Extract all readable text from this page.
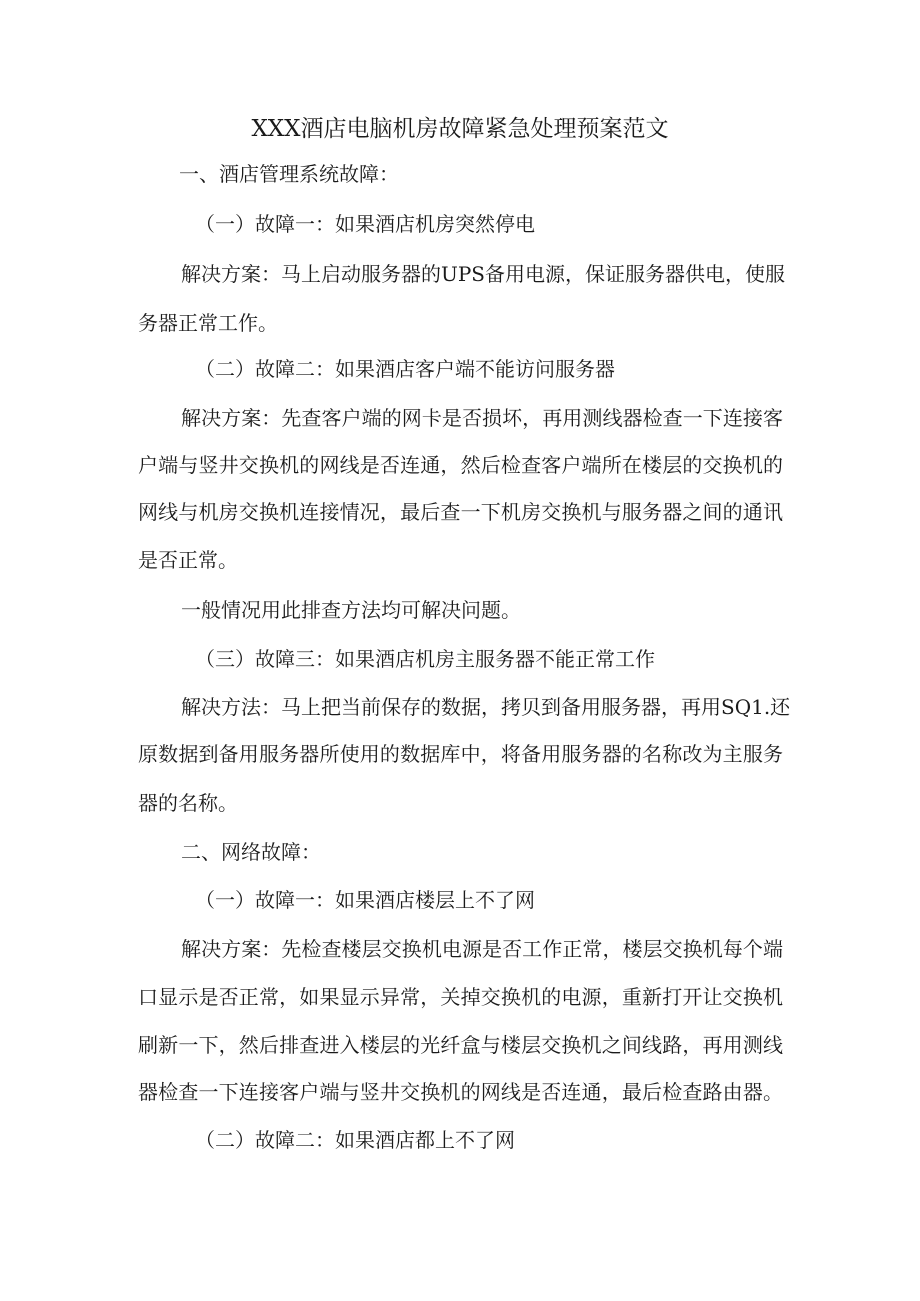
XXX酒店电脑机房故障紧急处理预案范文
一、酒店管理系统故障：
（一）故障一：如果酒店机房突然停电
解决方案：马上启动服务器的UPS备用电源，保证服务器供电，使服
务器正常工作。
（二）故障二：如果酒店客户端不能访问服务器
解决方案：先查客户端的网卡是否损坏，再用测线器检查一下连接客
户端与竖井交换机的网线是否连通，然后检查客户端所在楼层的交换机的
网线与机房交换机连接情况，最后查一下机房交换机与服务器之间的通讯
是否正常。
一般情况用此排查方法均可解决问题。
（三）故障三：如果酒店机房主服务器不能正常工作
解决方法：马上把当前保存的数据，拷贝到备用服务器，再用SQ1.还
原数据到备用服务器所使用的数据库中，将备用服务器的名称改为主服务
器的名称。
二、网络故障：
（一）故障一：如果酒店楼层上不了网
解决方案：先检查楼层交换机电源是否工作正常，楼层交换机每个端
口显示是否正常，如果显示异常，关掉交换机的电源，重新打开让交换机
刷新一下，然后排查进入楼层的光纤盒与楼层交换机之间线路，再用测线
器检查一下连接客户端与竖井交换机的网线是否连通，最后检查路由器。
（二）故障二：如果酒店都上不了网
